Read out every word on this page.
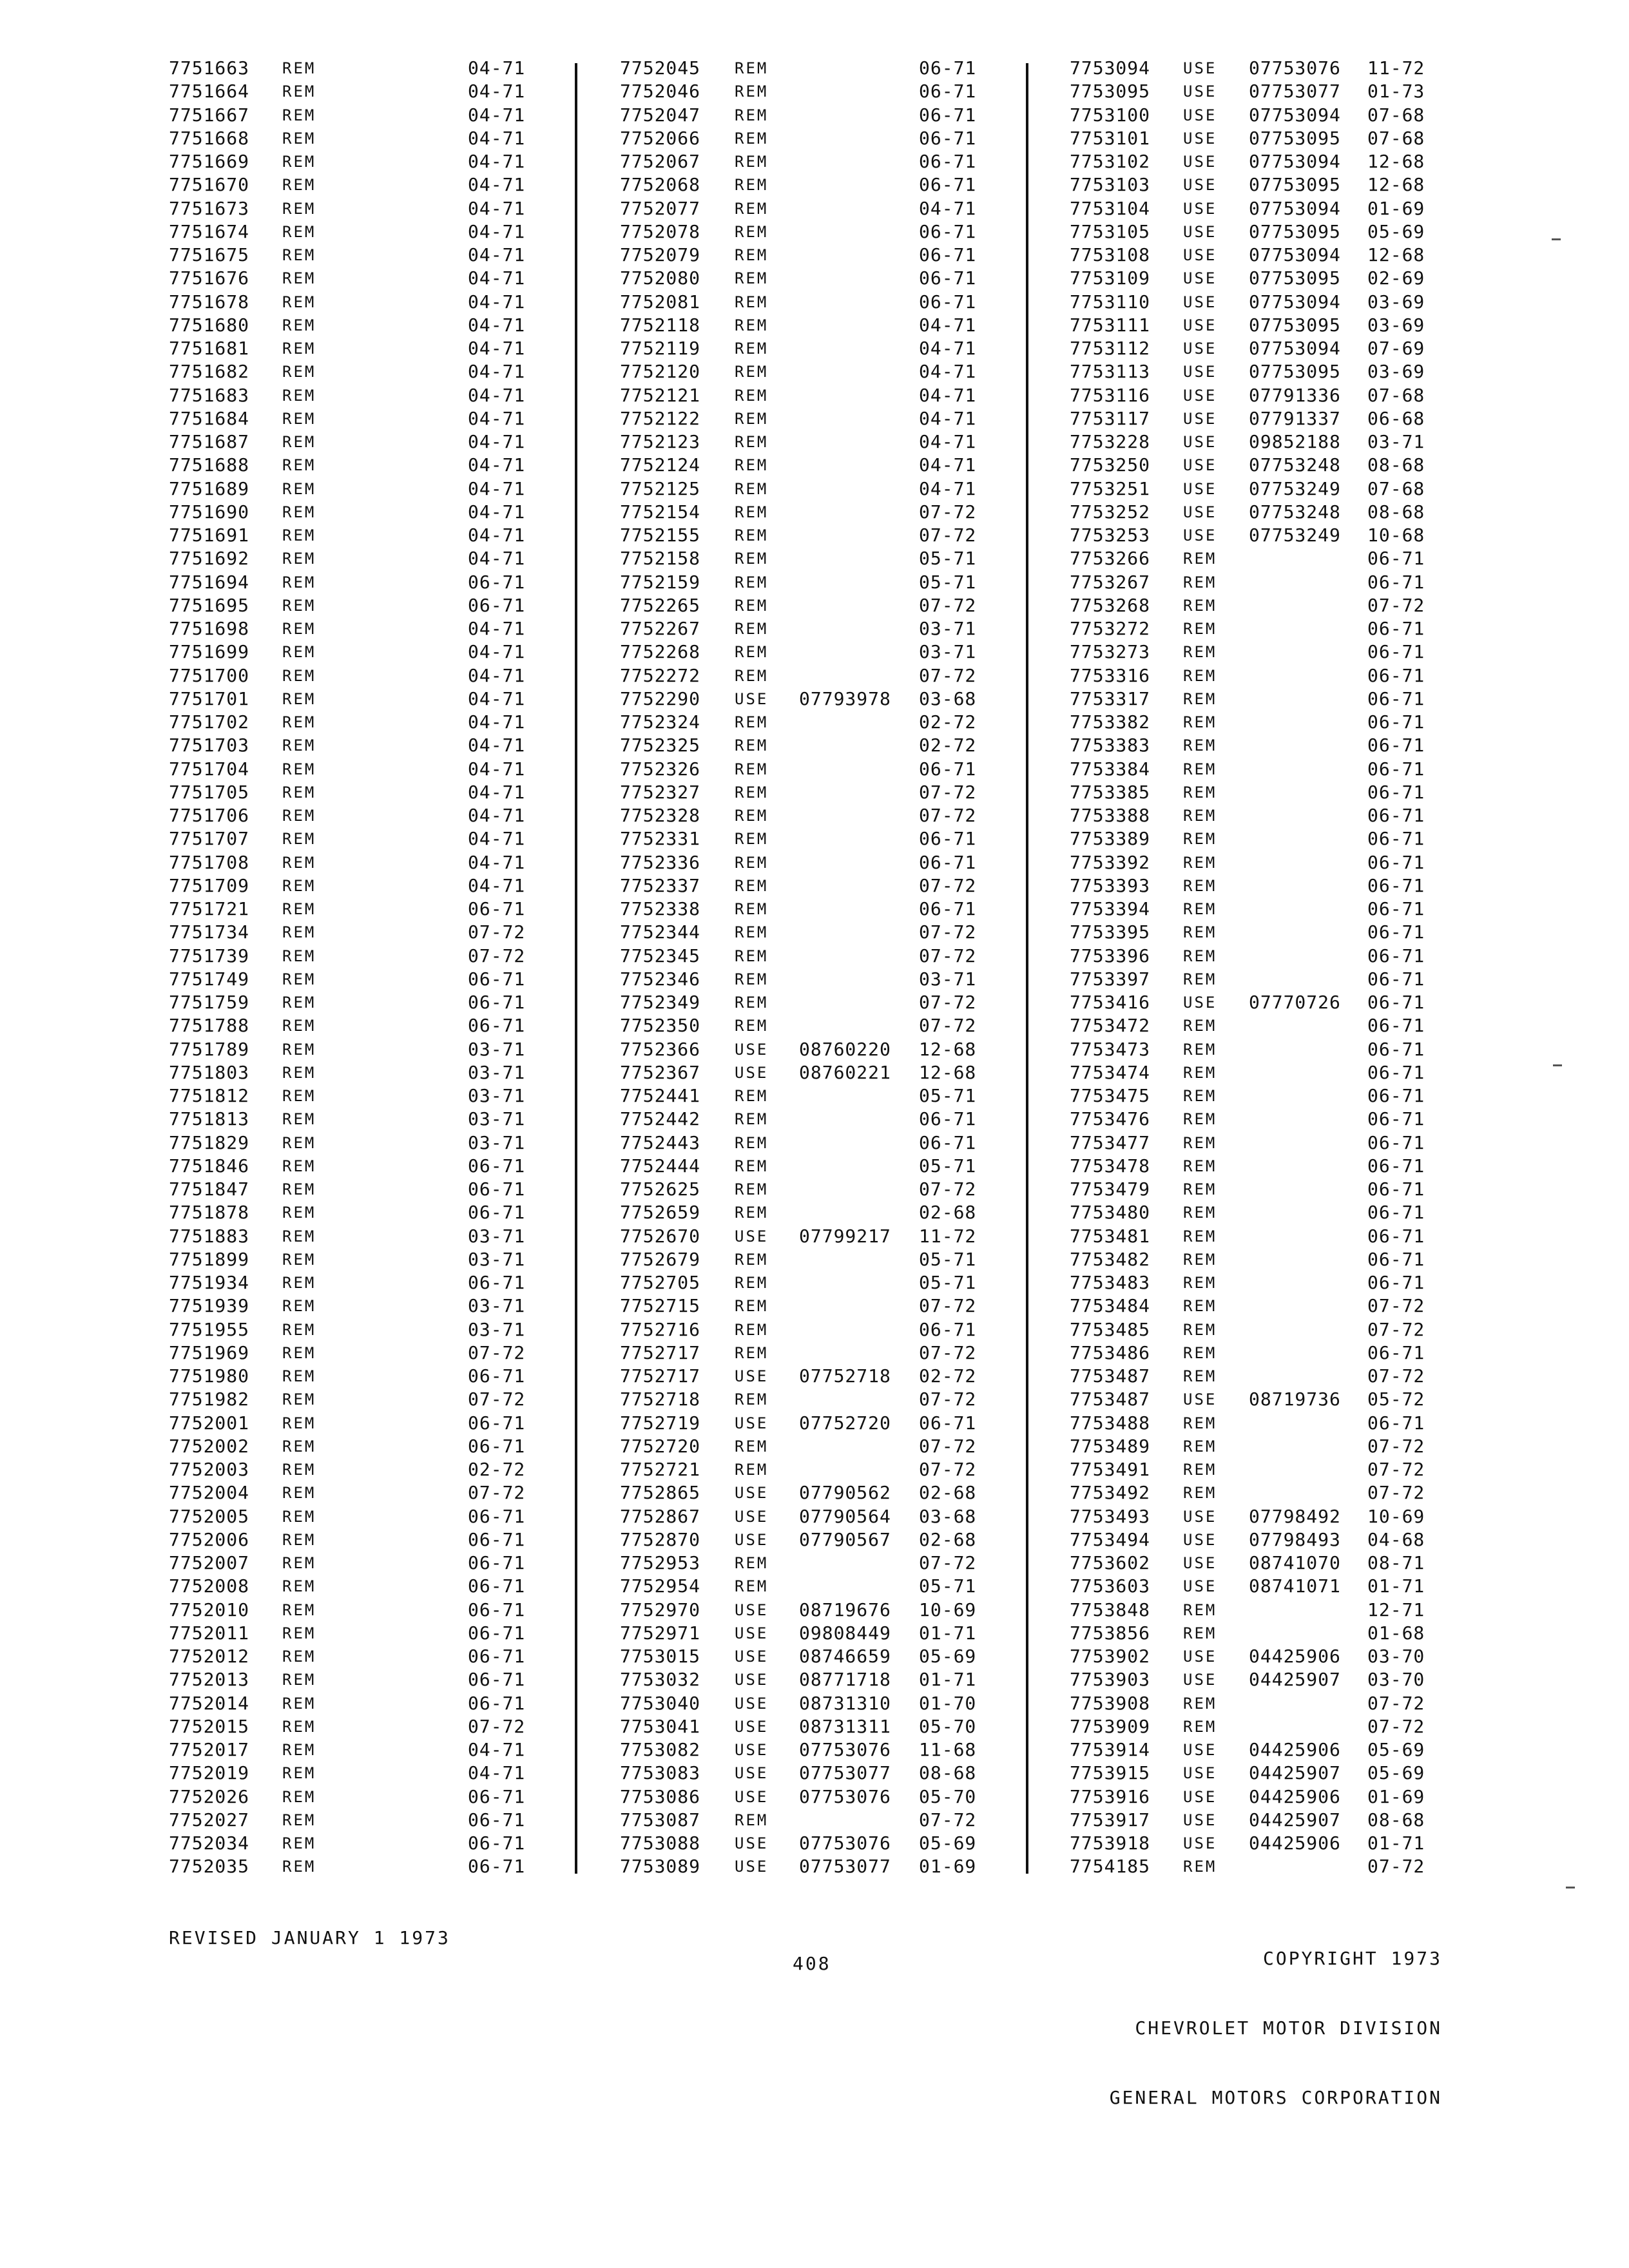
7751663 REM	04-71
7751664 REM	04-71
7751667 REM	04-71
7751668 REM	04-71
7751669 REM	04-71
7751670 REM	04-71
7751673 REM	04-71
7751674 REM	04-71
7751675 REM	04-71
7751676 REM	04-71
7751678 REM	04-71
7751680 REM	04-71
7751681 REM	04-71
7751682 REM	04-71
7751683 REM	04-71
7751684 REM	04-71
7751687 REM	04-71
7751688 REM	04-71
7751689 REM	04-71
7751690 REM	04-71
7751691 REM	04-71
7751692 REM	04-71
7751694 REM	06-71
7751695 REM	06-71
7751698 REM	04-71
7751699 REM	04-71
7751700 REM	04-71
7751701 REM	04-71
7751702 REM	04-71
7751703 REM	04-71
7751704 REM	04-71
7751705 REM	04-71
7751706 REM	04-71
7751707 REM	04-71
7751708 REM	04-71
7751709 REM	04-71
7751721 REM	06-71
7751734 REM	07-72
7751739 REM	07-72
7751749 REM	06-71
7751759 REM	06-71
7751788 REM	06-71
7751789 REM	03-71
7751803 REM	03-71
7751812 REM	03-71
7751813 REM	03-71
7751829 REM	03-71
7751846 REM	06-71
7751847 REM	06-71
7751878 REM	06-71
7751883 REM	03-71
7751899 REM	03-71
7751934 REM	06-71
7751939 REM	03-71
7751955 REM	03-71
7751969 REM	07-72
7751980 REM	06-71
7751982 REM	07-72
7752001 REM	06-71
7752002 REM	06-71
7752003 REM	02-72
7752004 REM	07-72
7752005 REM	06-71
7752006 REM	06-71
7752007 REM	06-71
7752008 REM	06-71
7752010 REM	06-71
7752011 REM	06-71
7752012 REM	06-71
7752013 REM	06-71
7752014 REM	06-71
7752015 REM	07-72
7752017 REM	04-71
7752019 REM	04-71
7752026 REM	06-71
7752027 REM	06-71
7752034 REM	06-71
7752035 REM	06-71
7752045 REM	06-71
7752046 REM	06-71
7752047 REM	06-71
7752066 REM	06-71
7752067 REM	06-71
7752068 REM	06-71
7752077 REM	04-71
7752078 REM	06-71
7752079 REM	06-71
7752080 REM	06-71
7752081 REM	06-71
7752118 REM	04-71
7752119 REM	04-71
7752120 REM	04-71
7752121 REM	04-71
7752122 REM	04-71
7752123 REM	04-71
7752124 REM	04-71
7752125 REM	04-71
7752154 REM	07-72
7752155 REM	07-72
7752158 REM	05-71
7752159 REM	05-71
7752265 REM	07-72
7752267 REM	03-71
7752268 REM	03-71
7752272 REM	07-72
7752290 USE 07793978 03-68
7752324 REM	02-72
7752325 REM	02-72
7752326 REM	06-71
7752327 REM	07-72
7752328 REM	07-72
7752331 REM	06-71
7752336 REM	06-71
7752337 REM	07-72
7752338 REM	06-71
7752344 REM	07-72
7752345 REM	07-72
7752346 REM	03-71
7752349 REM	07-72
7752350 REM	07-72
7752366 USE 08760220 12-68
7752367 USE 08760221 12-68
7752441 REM	05-71
7752442 REM	06-71
7752443 REM	06-71
7752444 REM	05-71
7752625 REM	07-72
7752659 REM	02-68
7752670 USE 07799217 11-72
7752679 REM	05-71
7752705 REM	05-71
7752715 REM	07-72
7752716 REM	06-71
7752717 REM	07-72
7752717 USE 07752718 02-72
7752718 REM	07-72
7752719 USE 07752720 06-71
7752720 REM	07-72
7752721 REM	07-72
7752865 USE 07790562 02-68
7752867 USE 07790564 03-68
7752870 USE 07790567 02-68
7752953 REM	07-72
7752954 REM	05-71
7752970 USE 08719676 10-69
7752971 USE 09808449 01-71
7753015 USE 08746659 05-69
7753032 USE 08771718 01-71
7753040 USE 08731310 01-70
7753041 USE 08731311 05-70
7753082 USE 07753076 11-68
7753083 USE 07753077 08-68
7753086 USE 07753076 05-70
7753087 REM	07-72
7753088 USE 07753076 05-69
7753089 USE 07753077 01-69
7753094 USE 07753076 11-72
7753095 USE 07753077 01-73
7753100 USE 07753094 07-68
7753101 USE 07753095 07-68
7753102 USE 07753094 12-68
7753103 USE 07753095 12-68
7753104 USE 07753094 01-69
7753105 USE 07753095 05-69
7753108 USE 07753094 12-68
7753109 USE 07753095 02-69
7753110 USE 07753094 03-69
7753111 USE 07753095 03-69
7753112 USE 07753094 07-69
7753113 USE 07753095 03-69
7753116 USE 07791336 07-68
7753117 USE 07791337 06-68
7753228 USE 09852188 03-71
7753250 USE 07753248 08-68
7753251 USE 07753249 07-68
7753252 USE 07753248 08-68
7753253 USE 07753249 10-68
7753266 REM	06-71
7753267 REM	06-71
7753268 REM	07-72
7753272 REM	06-71
7753273 REM	06-71
7753316 REM	06-71
7753317 REM	06-71
7753382 REM	06-71
7753383 REM	06-71
7753384 REM	06-71
7753385 REM	06-71
7753388 REM	06-71
7753389 REM	06-71
7753392 REM	06-71
7753393 REM	06-71
7753394 REM	06-71
7753395 REM	06-71
7753396 REM	06-71
7753397 REM	06-71
7753416 USE 07770726 06-71
7753472 REM	06-71
7753473 REM	06-71
7753474 REM	06-71
7753475 REM	06-71
7753476 REM	06-71
7753477 REM	06-71
7753478 REM	06-71
7753479 REM	06-71
7753480 REM	06-71
7753481 REM	06-71
7753482 REM	06-71
7753483 REM	06-71
7753484 REM	07-72
7753485 REM	07-72
7753486 REM	06-71
7753487 REM	07-72
7753487 USE 08719736 05-72
7753488 REM	06-71
7753489 REM	07-72
7753491 REM	07-72
7753492 REM	07-72
7753493 USE 07798492 10-69
7753494 USE 07798493 04-68
7753602 USE 08741070 08-71
7753603 USE 08741071 01-71
7753848 REM	12-71
7753856 REM	01-68
7753902 USE 04425906 03-70
7753903 USE 04425907 03-70
7753908 REM	07-72
7753909 REM	07-72
7753914 USE 04425906 05-69
7753915 USE 04425907 05-69
7753916 USE 04425906 01-69
7753917 USE 04425907 08-68
7753918 USE 04425906 01-71
7754185 REM	07-72
REVISED JANUARY 1 1973
408

	COPYRIGHT 1973

CHEVROLET MOTOR DIVISION

GENERAL MOTORS CORPORATION
